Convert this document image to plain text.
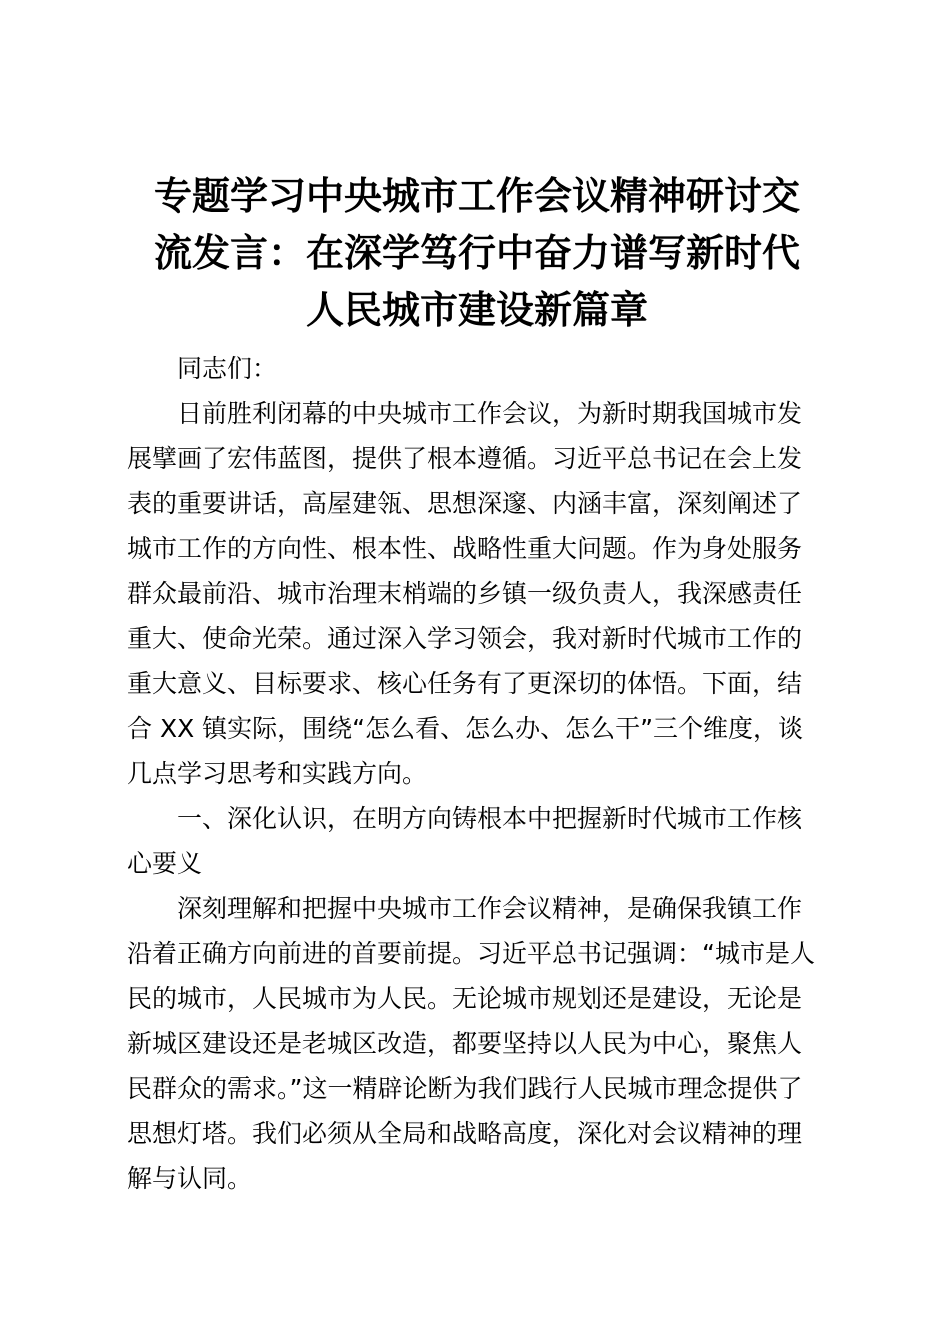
专题学习中央城市工作会议精神研讨交
流发言：在深学笃行中奋力谱写新时代
人民城市建设新篇章
同志们：
日前胜利闭幕的中央城市工作会议，为新时期我国城市发
展擘画了宏伟蓝图，提供了根本遵循。习近平总书记在会上发
表的重要讲话，高屋建瓴、思想深邃、内涵丰富，深刻阐述了
城市工作的方向性、根本性、战略性重大问题。作为身处服务
群众最前沿、城市治理末梢端的乡镇一级负责人，我深感责任
重大、使命光荣。通过深入学习领会，我对新时代城市工作的
重大意义、目标要求、核心任务有了更深切的体悟。下面，结
合 XX 镇实际，围绕“怎么看、怎么办、怎么干”三个维度，谈
几点学习思考和实践方向。
一、深化认识，在明方向铸根本中把握新时代城市工作核
心要义
深刻理解和把握中央城市工作会议精神，是确保我镇工作
沿着正确方向前进的首要前提。习近平总书记强调：“城市是人
民的城市，人民城市为人民。无论城市规划还是建设，无论是
新城区建设还是老城区改造，都要坚持以人民为中心，聚焦人
民群众的需求。”这一精辟论断为我们践行人民城市理念提供了
思想灯塔。我们必须从全局和战略高度，深化对会议精神的理
解与认同。
